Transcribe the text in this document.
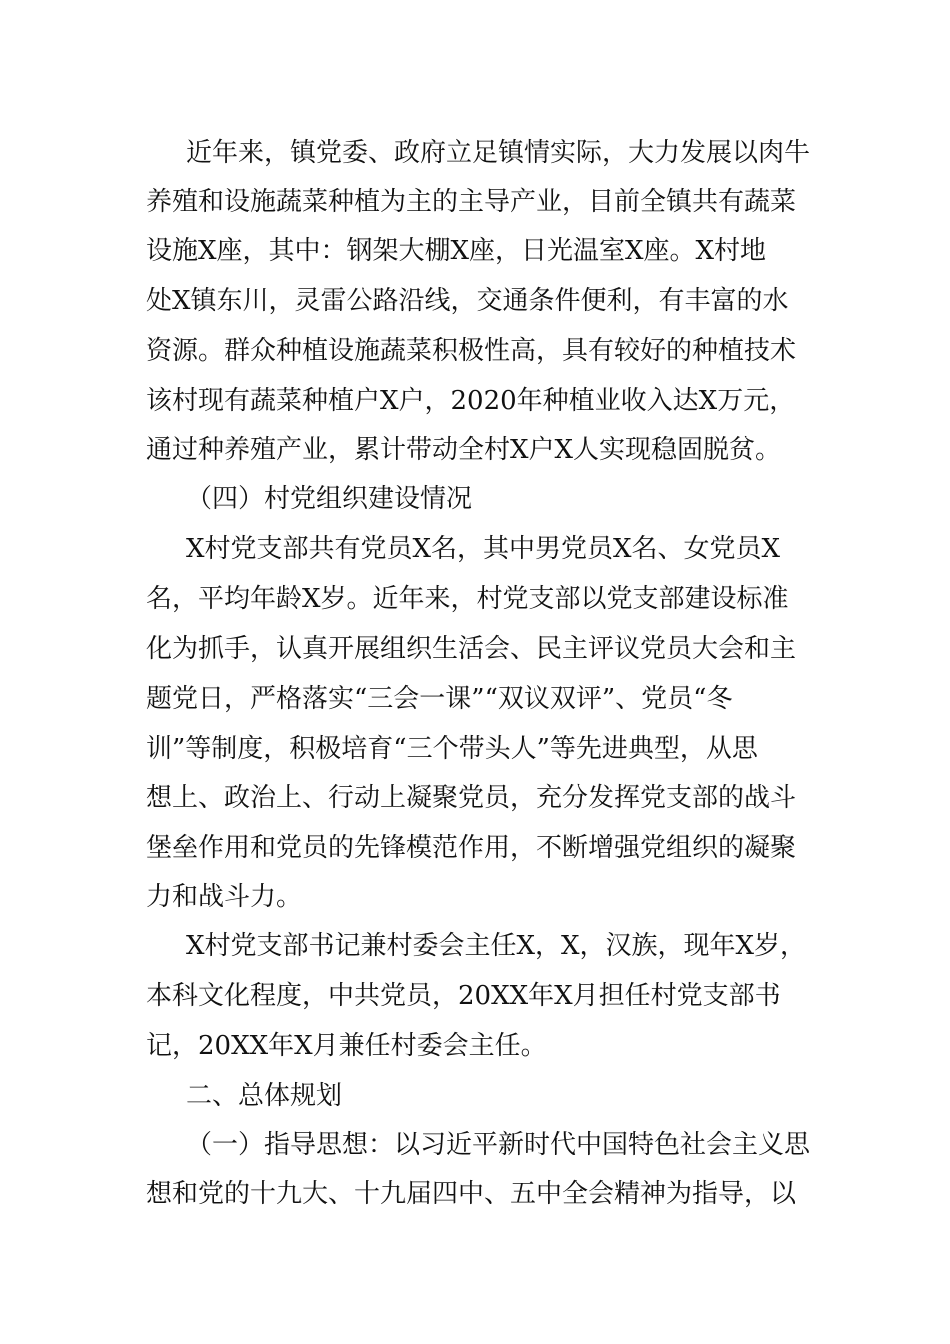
近年来，镇党委、政府立足镇情实际，大力发展以肉牛
养殖和设施蔬菜种植为主的主导产业，目前全镇共有蔬菜
设施X座，其中：钢架大棚X座，日光温室X座。X村地
处X镇东川，灵雷公路沿线，交通条件便利，有丰富的水
资源。群众种植设施蔬菜积极性高，具有较好的种植技术
该村现有蔬菜种植户X户，2020年种植业收入达X万元，
通过种养殖产业，累计带动全村X户X人实现稳固脱贫。
（四）村党组织建设情况
X村党支部共有党员X名，其中男党员X名、女党员X
名，平均年龄X岁。近年来，村党支部以党支部建设标准
化为抓手，认真开展组织生活会、民主评议党员大会和主
题党日，严格落实“三会一课”“双议双评”、党员“冬
训”等制度，积极培育“三个带头人”等先进典型，从思
想上、政治上、行动上凝聚党员，充分发挥党支部的战斗
堡垒作用和党员的先锋模范作用，不断增强党组织的凝聚
力和战斗力。
X村党支部书记兼村委会主任X，X，汉族，现年X岁，
本科文化程度，中共党员，20XX年X月担任村党支部书
记，20XX年X月兼任村委会主任。
二、总体规划
（一）指导思想：以习近平新时代中国特色社会主义思
想和党的十九大、十九届四中、五中全会精神为指导，以
